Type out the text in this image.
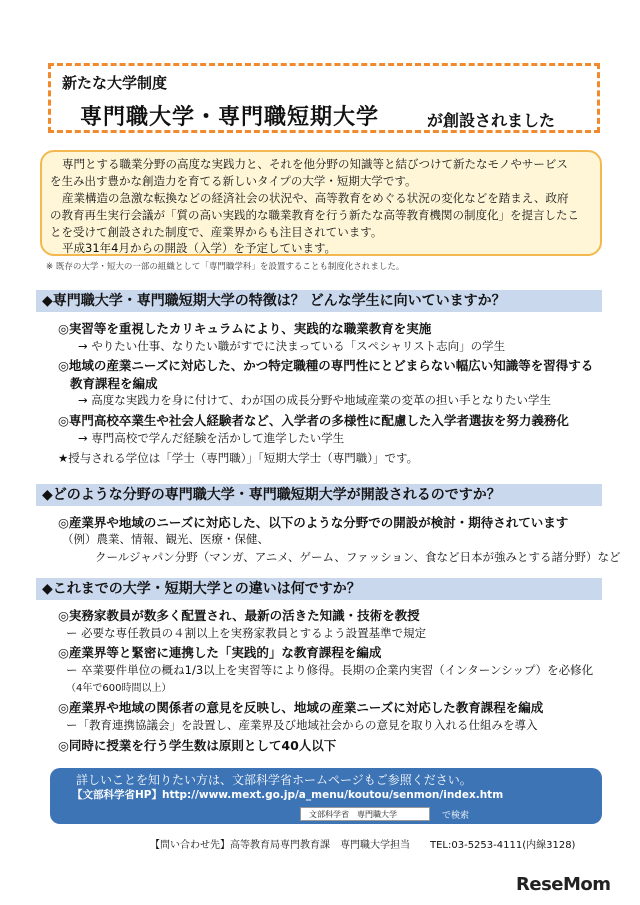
新たな大学制度
専門職大学・専門職短期大学	が創設されました
専門とする職業分野の高度な実践力と、それを他分野の知識等と結びつけて新たなモノやサービス
を生み出す豊かな創造力を育てる新しいタイプの大学・短期大学です。
産業構造の急激な転換などの経済社会の状況や、高等教育をめぐる状況の変化などを踏まえ、政府
の教育再生実行会議が「質の高い実践的な職業教育を行う新たな高等教育機関の制度化」を提言したこ
とを受けて創設された制度で、産業界からも注目されています。
平成31年4月からの開設（入学）を予定しています。
※ 既存の大学・短大の一部の組織として「専門職学科」を設置することも制度化されました。
◆専門職大学・専門職短期大学の特徴は？ どんな学生に向いていますか？
◎実習等を重視したカリキュラムにより、実践的な職業教育を実施
→ やりたい仕事、なりたい職がすでに決まっている「スペシャリスト志向」の学生
◎地域の産業ニーズに対応した、かつ特定職種の専門性にとどまらない幅広い知識等を習得する
教育課程を編成
→ 高度な実践力を身に付けて、わが国の成長分野や地域産業の変革の担い手となりたい学生
◎専門高校卒業生や社会人経験者など、入学者の多様性に配慮した入学者選抜を努力義務化
→ 専門高校で学んだ経験を活かして進学したい学生
★授与される学位は「学士（専門職）」「短期大学士（専門職）」です。
◆どのような分野の専門職大学・専門職短期大学が開設されるのですか？
◎産業界や地域のニーズに対応した、以下のような分野での開設が検討・期待されています
（例）農業、情報、観光、医療・保健、
クールジャパン分野（マンガ、アニメ、ゲーム、ファッション、食など日本が強みとする諸分野）など
◆これまでの大学・短期大学との違いは何ですか？
◎実務家教員が数多く配置され、最新の活きた知識・技術を教授
ー 必要な専任教員の４割以上を実務家教員とするよう設置基準で規定
◎産業界等と緊密に連携した「実践的」な教育課程を編成
ー 卒業要件単位の概ね1/3以上を実習等により修得。長期の企業内実習（インターンシップ）を必修化
（4年で600時間以上）
◎産業界や地域の関係者の意見を反映し、地域の産業ニーズに対応した教育課程を編成
ー「教育連携協議会」を設置し、産業界及び地域社会からの意見を取り入れる仕組みを導入
◎同時に授業を行う学生数は原則として40人以下
詳しいことを知りたい方は、文部科学省ホームページもご参照ください。
【文部科学省HP】http://www.mext.go.jp/a_menu/koutou/senmon/index.htm
文部科学省　専門職大学	で検索
【問い合わせ先】高等教育局専門教育課　専門職大学担当　　TEL:03-5253-4111(内線3128)
ReseMom
